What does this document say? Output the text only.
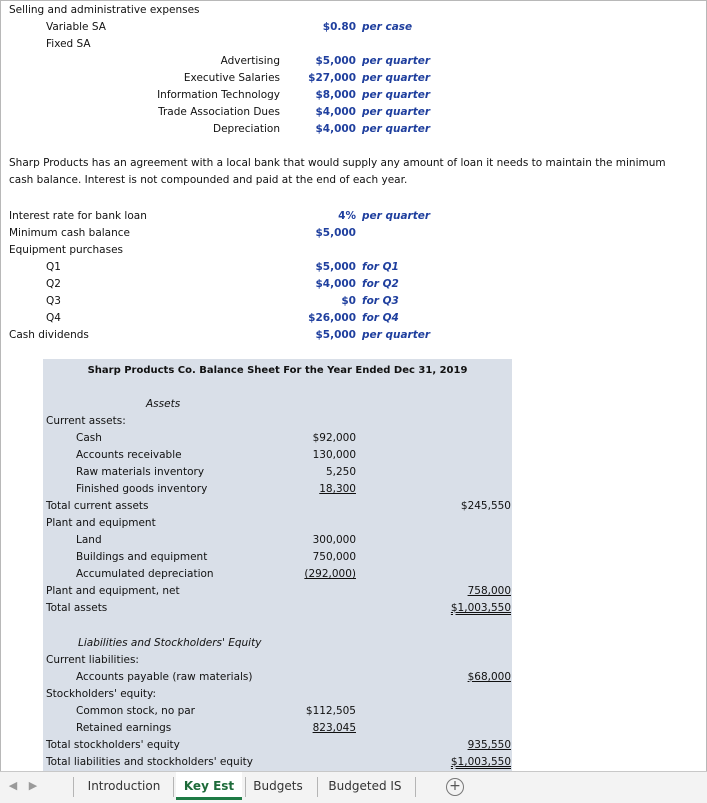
Selling and administrative expenses
Variable SA	$0.80 per case
Fixed SA
Advertising	$5,000 per quarter
Executive Salaries	$27,000 per quarter
Information Technology	$8,000 per quarter
Trade Association Dues	$4,000 per quarter
Depreciation	$4,000 per quarter
Sharp Products has an agreement with a local bank that would supply any amount of loan it needs to maintain the minimum
cash balance. Interest is not compounded and paid at the end of each year.
Interest rate for bank loan	4% per quarter
Minimum cash balance	$5,000
Equipment purchases
Q1	$5,000 for Q1
Q2	$4,000 for Q2
Q3	$0 for Q3
Q4	$26,000 for Q4
Cash dividends	$5,000 per quarter
Sharp Products Co. Balance Sheet For the Year Ended Dec 31, 2019
Assets
Current assets:
Cash	$92,000
Accounts receivable	130,000
Raw materials inventory	5,250
Finished goods inventory	18,300
Total current assets	$245,550
Plant and equipment
Land	300,000
Buildings and equipment	750,000
Accumulated depreciation	(292,000)
Plant and equipment, net	758,000
Total assets	$1,003,550
Liabilities and Stockholders' Equity
Current liabilities:
Accounts payable (raw materials)	$68,000
Stockholders' equity:
Common stock, no par	$112,505
Retained earnings	823,045
Total stockholders' equity	935,550
Total liabilities and stockholders' equity	$1,003,550
◀ ▶	Introduction	Key Est	Budgets	Budgeted IS	+
